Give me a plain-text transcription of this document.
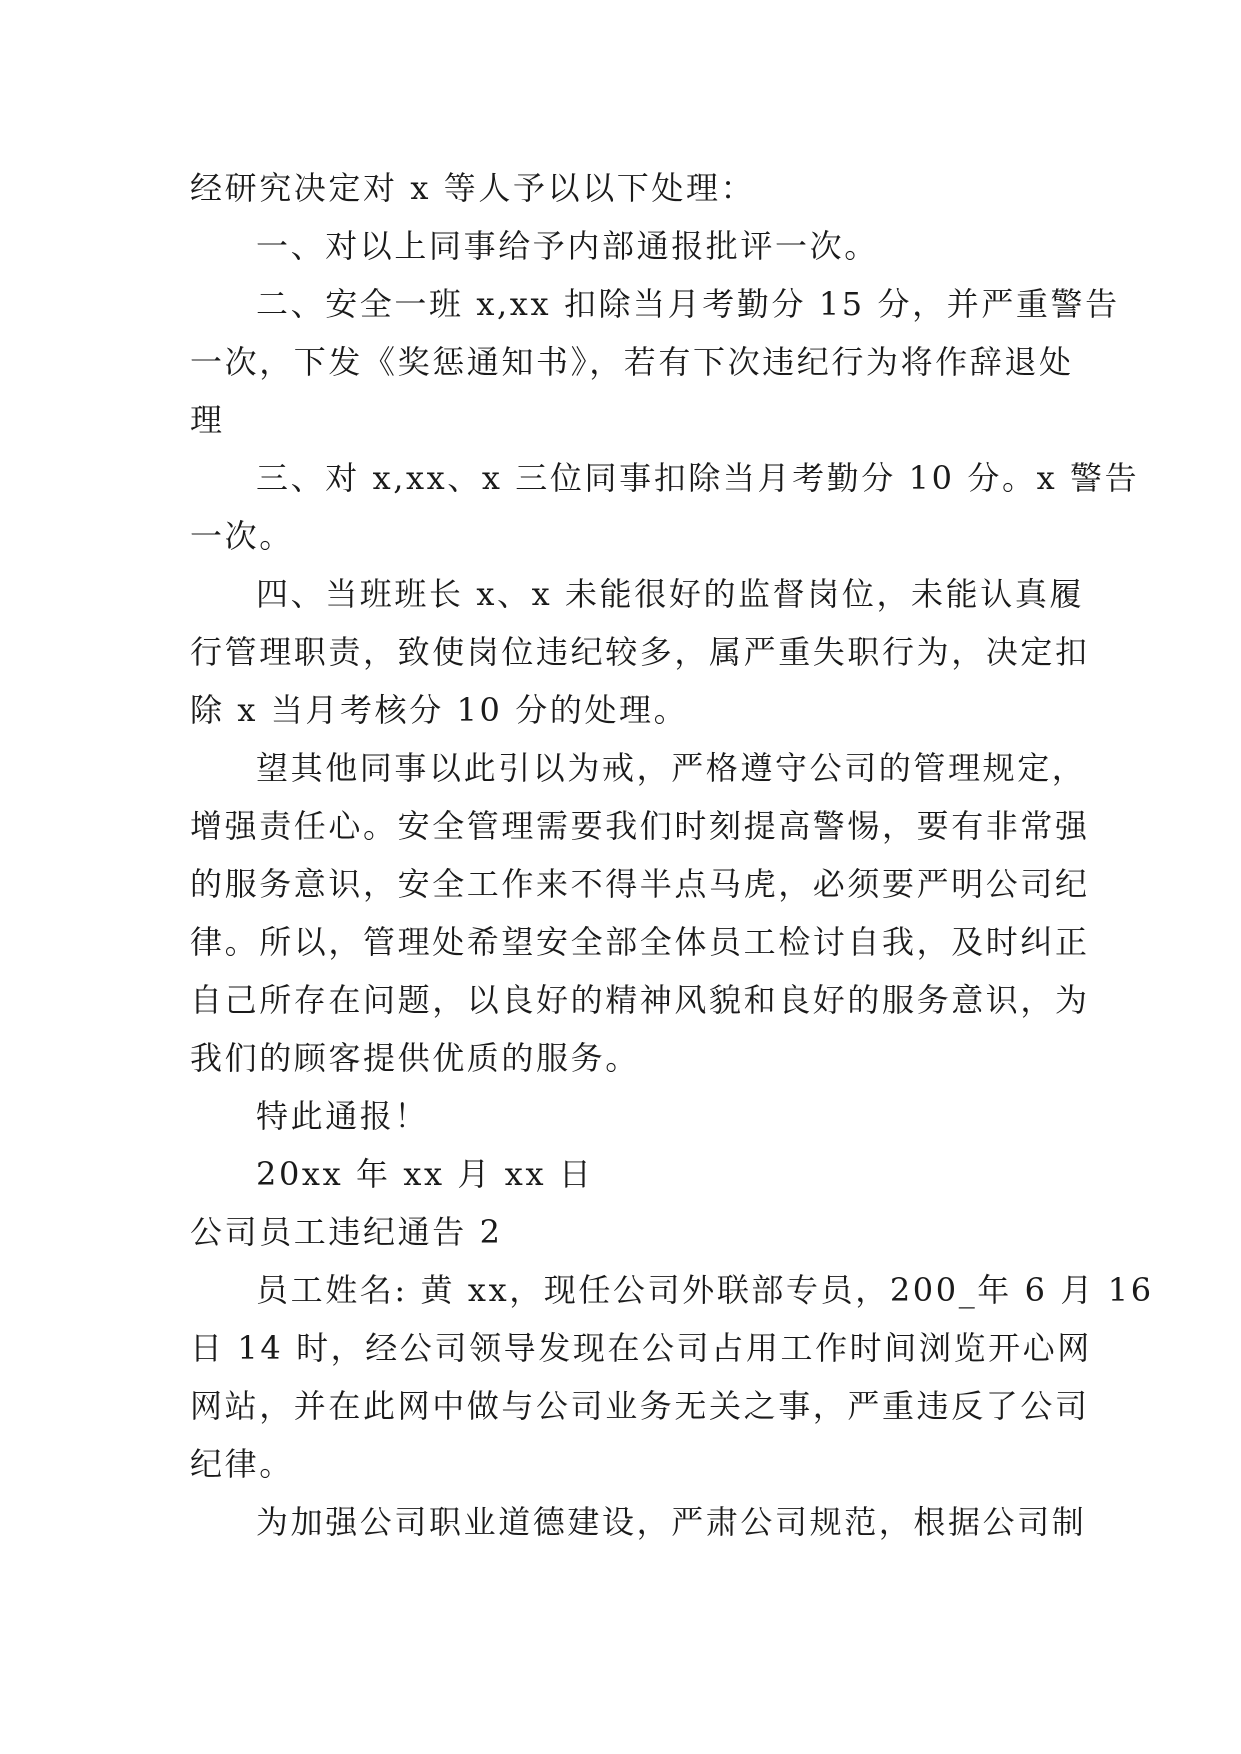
经研究决定对 x 等人予以以下处理：
一、对以上同事给予内部通报批评一次。
二、安全一班 x,xx 扣除当月考勤分 15 分，并严重警告
一次，下发《奖惩通知书》，若有下次违纪行为将作辞退处
理
三、对 x,xx、x 三位同事扣除当月考勤分 10 分。x 警告
一次。
四、当班班长 x、x 未能很好的监督岗位，未能认真履
行管理职责，致使岗位违纪较多，属严重失职行为，决定扣
除 x 当月考核分 10 分的处理。
望其他同事以此引以为戒，严格遵守公司的管理规定，
增强责任心。安全管理需要我们时刻提高警惕，要有非常强
的服务意识，安全工作来不得半点马虎，必须要严明公司纪
律。所以，管理处希望安全部全体员工检讨自我，及时纠正
自己所存在问题，以良好的精神风貌和良好的服务意识，为
我们的顾客提供优质的服务。
特此通报！
20xx 年 xx 月 xx 日
公司员工违纪通告 2
员工姓名: 黄 xx，现任公司外联部专员，200_年 6 月 16
日 14 时，经公司领导发现在公司占用工作时间浏览开心网
网站，并在此网中做与公司业务无关之事，严重违反了公司
纪律。
为加强公司职业道德建设，严肃公司规范，根据公司制
